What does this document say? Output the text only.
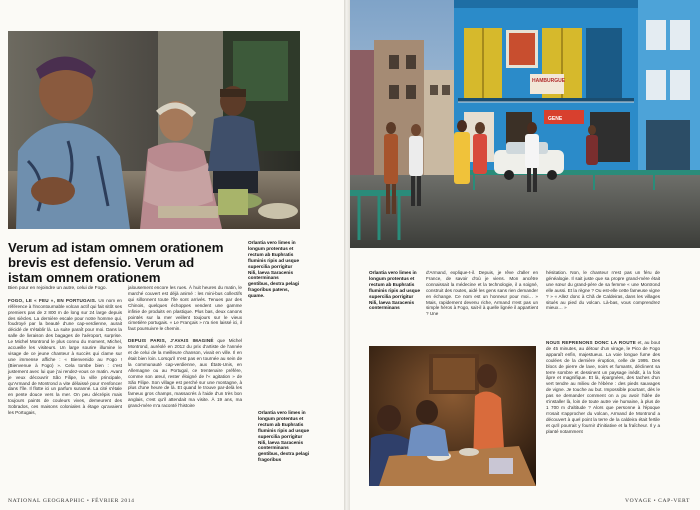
Verum ad istam omnem orationem brevis est defensio. Verum ad istam omnem orationem

Orlantia vero limes in longum protentus et rectum ab Euphratis fluminis ripis ad usque supercilia porrigitur Nili, laeva Saracenis conterminans gentibus, dextra pelagi fragoribus patens, quame.

Bien pour en rejoindre un autre, celui de Fogo.

FOGO, LE « FEU », EN PORTUGAIS. Un nom en référence à l'incontournable volcan actif qui fait sitôt ses premiers pas de 2 800 m de long sur 24 large depuis des siècles. La dernière escale pour notre homme qui, foudroyé par la beauté d'une cap-verdienne, aurait décidé de s'établir là. La suite paraît pour moi. Dans la salle de livraison des bagages de l'aéroport, surprise. Le Michel Montrond le plus connu du moment, Michel, accueille les visiteurs. Un large sourire illumine le visage de ce jeune chanteur à succès qui clame sur une immense affiche : « Bienvenido au Fogo ! (Bienvenue à Fogo) ». Cela tombe bien : c'est justement avec lui que j'ai rendez-vous ce matin. Avant je veux découvrir São Filipe, la ville principale, qu'Armand de Montrond a vite délaissé pour s'enfoncer dans l'île. Il flotte ici un parfum suranné. La cité s'étale en pente douce vers la mer. On peu décrépis mais toujours paints de couleurs vives, demeurent des Sobrados, ces maisons coloniales à étage qu'avaient les Portugais,
jalousement encore les rues. À huit heures du matin, le marché couvert est déjà animé : les mini-bus collectifs qui sillonnent toute l'île sont arrivés. Tenues par des Chinois, quelques échoppes vendent une gamme infinie de produits en plastique. Plus bas, deux canons pointés sur la mer veillent toujours sur le vieux cimetière portugais. « Le Français » n'a rien laissé ici, il faut poursuivre le chemin.

DEPUIS PARIS, J'AVAIS IMAGINÉ que Michel Montrond, auréolé en 2012 du prix d'artiste de l'année et de celui de la meilleure chanson, vivait en ville. Il en était bien loin. Lorsqu'il n'est pas en tournée au sein de la communauté cap-verdienne, aux États-Unis, en Allemagne ou au Portugal, ce trentenaire préfère, comme son aïeul, rester éloigné de l'« agitation » de São Filipe. Son village est perché sur une montagne, à plus d'une heure de là. Et quand le trouve par-delà les fameux gros champs, massacrés à l'aide d'un très bon anglais, c'est qu'il attendait ma visite. À 19 ans, ma grand-mère m'a raconté l'histoire
NATIONAL GEOGRAPHIC • FÉVRIER 2014
HAMBURGUE
GENE

Orlantia vero limes in longum protentus et rectum ab Euphratis fluminis ripis ad usque supercilia porrigitur Nili, laeva Saracenis conterminans

d'Armand, explique-t-il. Depuis, je rêve d'aller en France, de savoir d'où je viens. Mon ancêtre connaissait la médecine et la technologie, il a soigné, construit des routes, aidé les gens sans rien demander en échange. Ce nom est un honneur pour moi… » Mais, rapidement devenu riche, Armand n'est pas un simple héros à Fogo, sait-il à quelle lignée il appartient ? Une
hésitation. Non, le chanteur n'est pas un féru de généalogie. Il sait juste que sa propre grand-mère était une sœur du grand-père de sa femme « une Montrond elle aussi. Et la règne ? Ou est-elle cette fameuse vigne ? » « Allez donc à Chã de Caldeiras, dans les villages situés au pied du volcan. Là-bas, vous comprendrez mieux… »
NOUS REPRENONS DONC LA ROUTE et, au bout de 45 minutes, au détour d'un virage, le Pico de Fogo apparaît enfin, majestueux. La voie longue fume des coulées de la dernière éruption, celle de 1995. Des blocs de pierre de lave, noirs et fumants, déclinent sa terre sombre et dessinent un paysage inédit, à la fois âpre et magnifique. Et là, épargnées, des taches d'un vert tendre au milieu de l'ébène : des pieds sauvages de vigne. Je touche au but. Impossible pourtant, dès le pas se demander comment on a pu avoir l'idée de s'installer là, loin de toute autre vie humaine, à plus de 1 700 m d'altitude ? Alors que personne à l'époque n'osait s'approcher du volcan, Armand de Montrond a découvert à quel point la terre de la caldeira était fertile et qu'il pourrait y fournir d'initiative et la fraîcheur. Il y a planté notamment
VOYAGE • CAP-VERT

Orlantia vero limes in longum protentus et rectum ab Euphratis fluminis ripis ad usque supercilia porrigitur Nili, laeva Saracenis conterminans gentibus, dextra pelagi fragoribus
